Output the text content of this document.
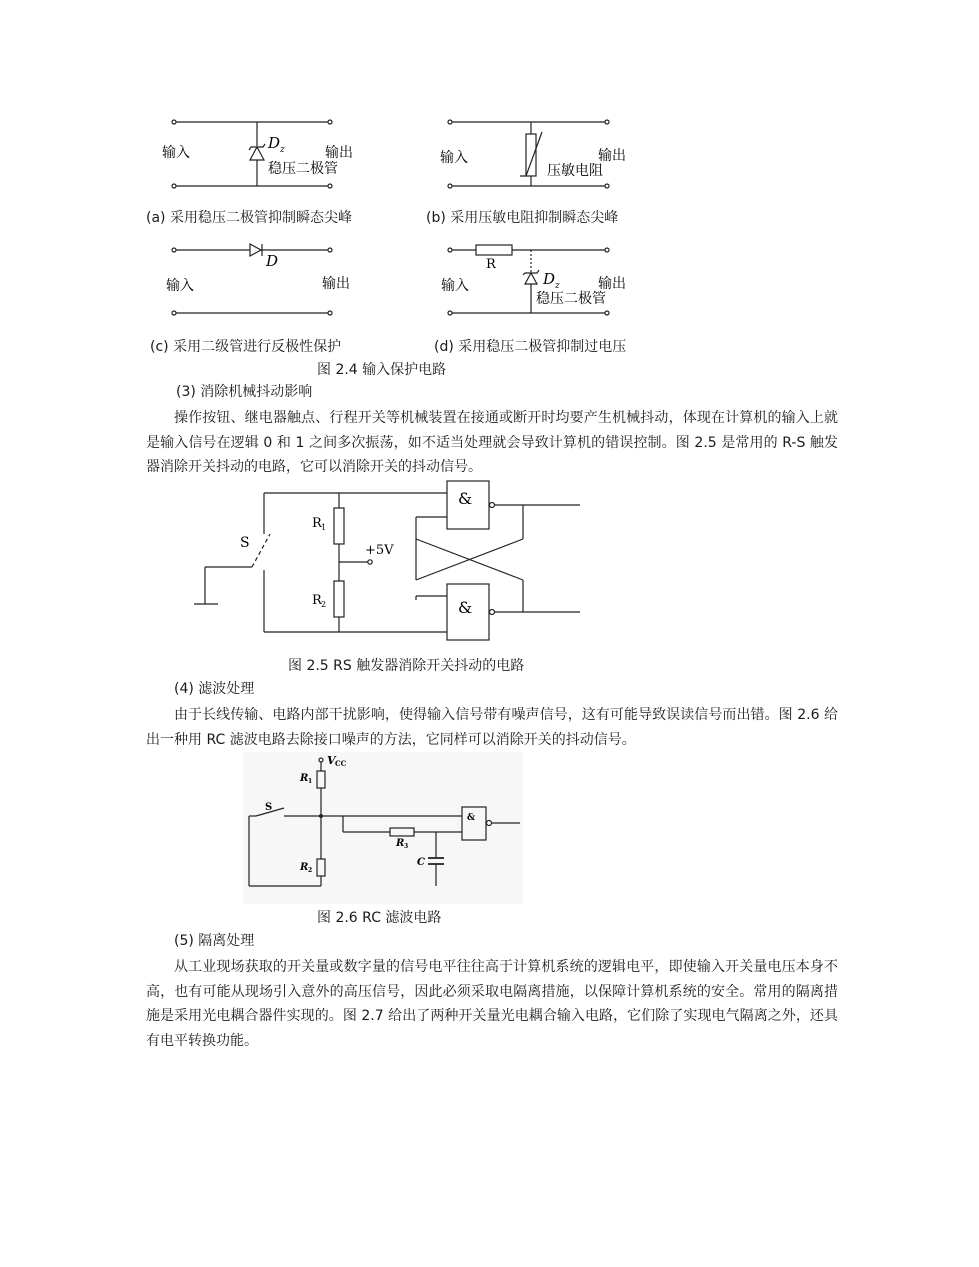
输入	输出
D z
稳压二极管
输入	输出
压敏电阻
输入	输出
D
输入	输出
R
D z
稳压二极管
(a) 采用稳压二极管抑制瞬态尖峰	(b) 采用压敏电阻抑制瞬态尖峰
(c) 采用二级管进行反极性保护	(d) 采用稳压二极管抑制过电压
图 2.4 输入保护电路
(3) 消除机械抖动影响
操作按钮、继电器触点、行程开关等机械装置在接通或断开时均要产生机械抖动，体现在计算机的输入上就是输入信号在逻辑 0 和 1 之间多次振荡，如不适当处理就会导致计算机的错误控制。图 2.5 是常用的 R-S 触发器消除开关抖动的电路，它可以消除开关的抖动信号。
S
R 1
R 2
+5V
&
&
图 2.5 RS 触发器消除开关抖动的电路
(4) 滤波处理
由于长线传输、电路内部干扰影响，使得输入信号带有噪声信号，这有可能导致误读信号而出错。图 2.6 给出一种用 RC 滤波电路去除接口噪声的方法，它同样可以消除开关的抖动信号。
V CC
R 1
R 2
R 3
C
S
&
图 2.6 RC 滤波电路
(5) 隔离处理
从工业现场获取的开关量或数字量的信号电平往往高于计算机系统的逻辑电平，即使输入开关量电压本身不高，也有可能从现场引入意外的高压信号，因此必须采取电隔离措施，以保障计算机系统的安全。常用的隔离措施是采用光电耦合器件实现的。图 2.7 给出了两种开关量光电耦合输入电路，它们除了实现电气隔离之外，还具有电平转换功能。
